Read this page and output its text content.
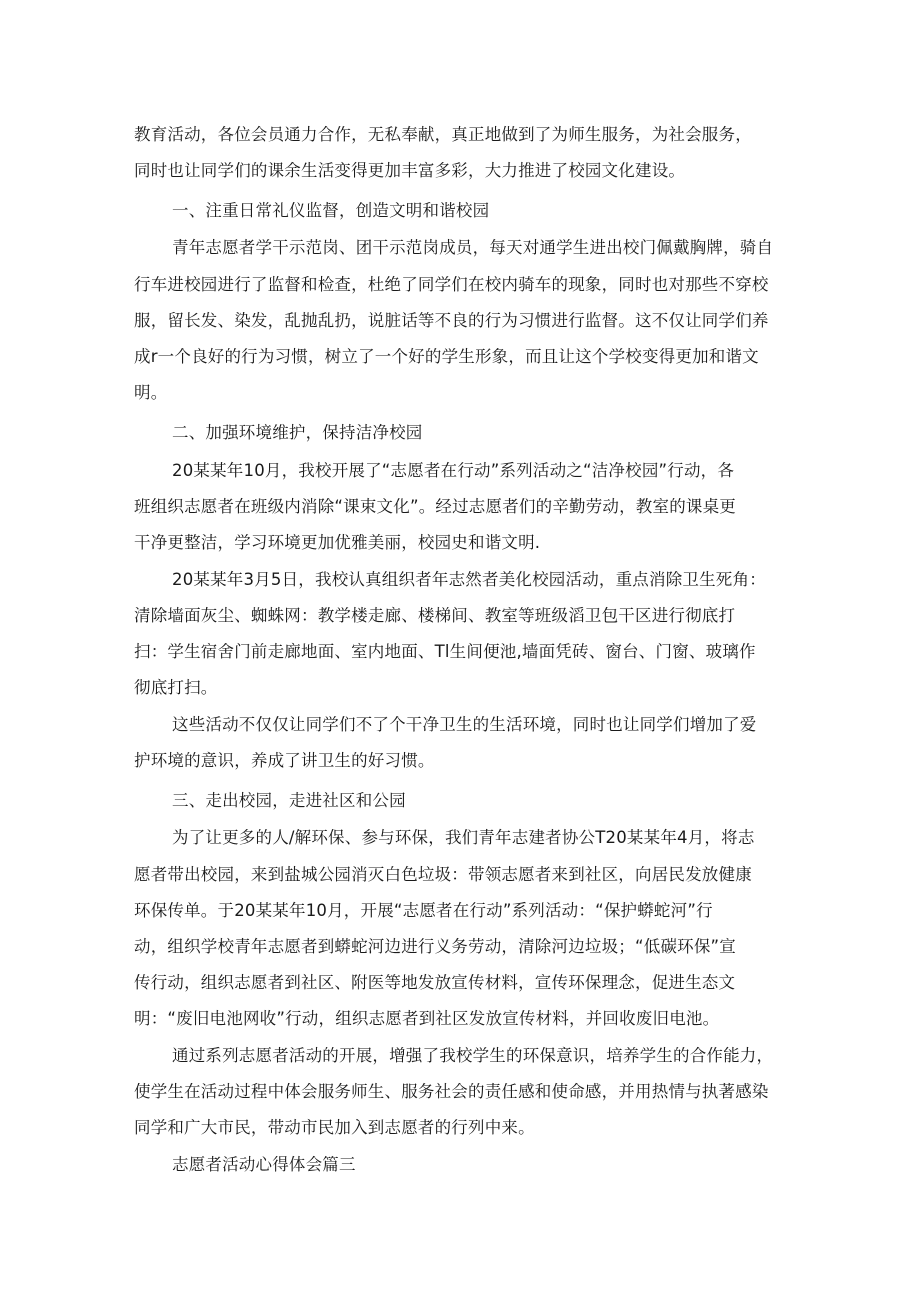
教育活动，各位会员通力合作，无私奉献，真正地做到了为师生服务，为社会服务，
同时也让同学们的课余生活变得更加丰富多彩，大力推进了校园文化建设。
一、注重日常礼仪监督，创造文明和谐校园
青年志愿者学干示范岗、团干示范岗成员，每天对通学生进出校门佩戴胸牌，骑自
行车进校园进行了监督和检查，杜绝了同学们在校内骑车的现象，同时也对那些不穿校
服，留长发、染发，乱抛乱扔，说脏话等不良的行为习惯进行监督。这不仅让同学们养
成r一个良好的行为习惯，树立了一个好的学生形象，而且让这个学校变得更加和谐文
明。
二、加强环境维护，保持洁净校园
20某某年10月，我校开展了“志愿者在行动”系列活动之“洁净校园”行动，各
班组织志愿者在班级内消除“课束文化”。经过志愿者们的辛勤劳动，教室的课桌更
干净更整洁，学习环境更加优雅美丽，校园史和谐文明.
20某某年3月5日，我校认真组织者年志然者美化校园活动，重点消除卫生死角：
清除墙面灰尘、蜘蛛网：教学楼走廊、楼梯间、教室等班级滔卫包干区进行彻底打
扫：学生宿舍门前走廊地面、室内地面、Tl生间便池,墙面凭砖、窗台、门窗、玻璃作
彻底打扫。
这些活动不仅仅让同学们不了个干净卫生的生活环境，同时也让同学们增加了爱
护环境的意识，养成了讲卫生的好习惯。
三、走出校园，走进社区和公园
为了让更多的人/解环保、参与环保，我们青年志建者协公T20某某年4月，将志
愿者带出校园，来到盐城公园消灭白色垃圾：带领志愿者来到社区，向居民发放健康
环保传单。于20某某年10月，开展“志愿者在行动”系列活动：“保护蟒蛇河”行
动，组织学校青年志愿者到蟒蛇河边进行义务劳动，清除河边垃圾；“低碳环保”宣
传行动，组织志愿者到社区、附医等地发放宣传材料，宣传环保理念，促进生态文
明：“废旧电池网收”行动，组织志愿者到社区发放宣传材料，并回收废旧电池。
通过系列志愿者活动的开展，增强了我校学生的环保意识，培养学生的合作能力，
使学生在活动过程中体会服务师生、服务社会的责任感和使命感，并用热情与执著感染
同学和广大市民，带动市民加入到志愿者的行列中来。
志愿者活动心得体会篇三
